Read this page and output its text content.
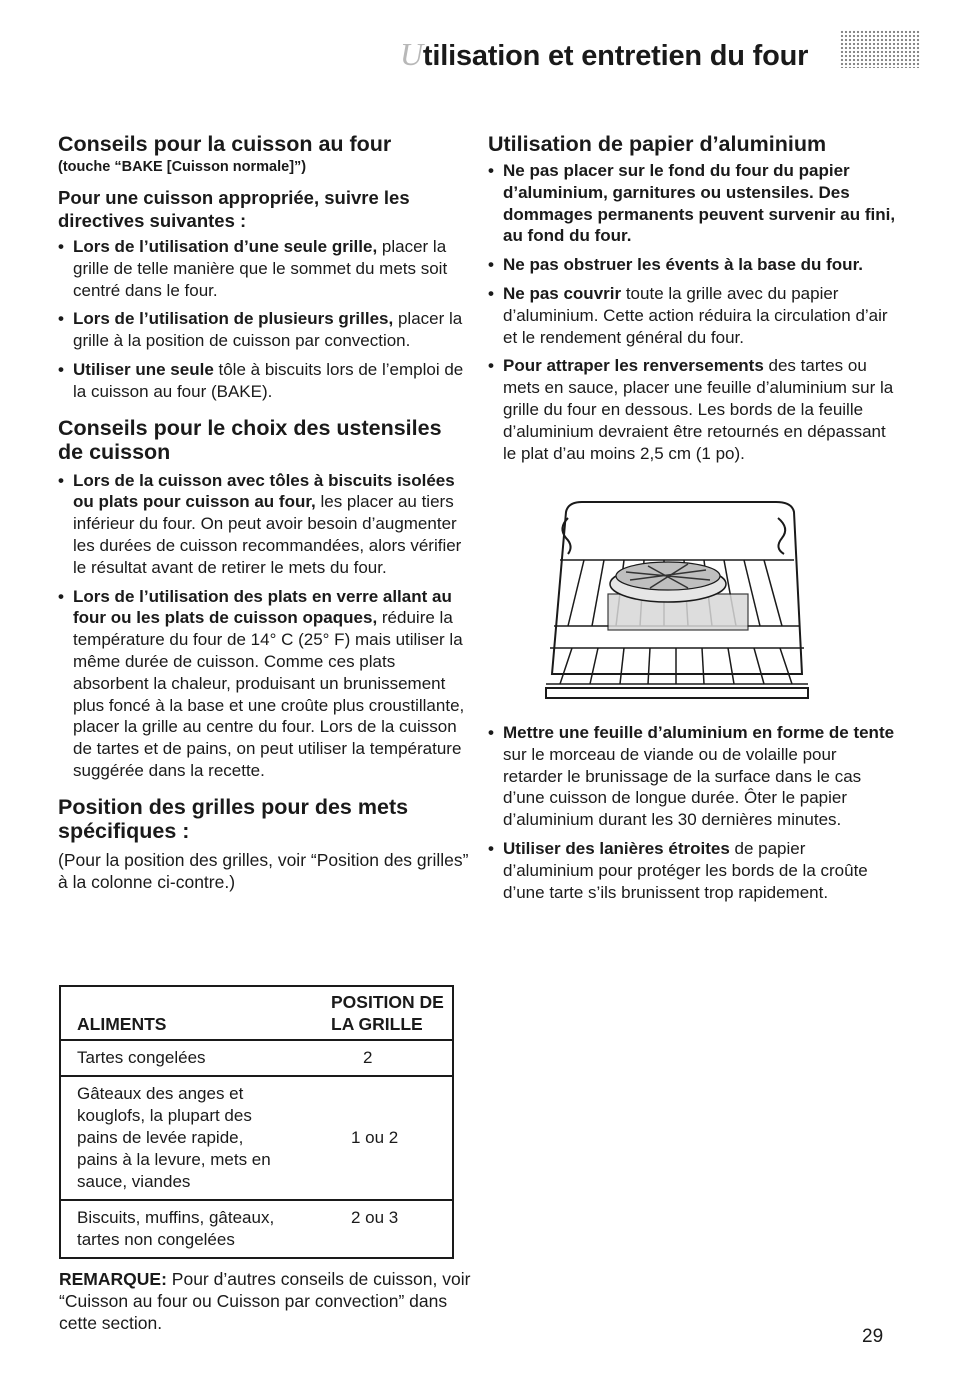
Utilisation et entretien du four
Conseils pour la cuisson au four
(touche “BAKE [Cuisson normale]”)
Pour une cuisson appropriée, suivre les directives suivantes :
• Lors de l’utilisation d’une seule grille, placer la grille de telle manière que le sommet du mets soit centré dans le four.
• Lors de l’utilisation de plusieurs grilles, placer la grille à la position de cuisson par convection.
• Utiliser une seule tôle à biscuits lors de l’emploi de la cuisson au four (BAKE).
Conseils pour le choix des ustensiles de cuisson
• Lors de la cuisson avec tôles à biscuits isolées ou plats pour cuisson au four, les placer au tiers inférieur du four. On peut avoir besoin d’augmenter les durées de cuisson recommandées, alors vérifier le résultat avant de retirer le mets du four.
• Lors de l’utilisation des plats en verre allant au four ou les plats de cuisson opaques, réduire la température du four de 14° C (25° F) mais utiliser la même durée de cuisson. Comme ces plats absorbent la chaleur, produisant un brunissement plus foncé à la base et une croûte plus croustillante, placer la grille au centre du four. Lors de la cuisson de tartes et de pains, on peut utiliser la température suggérée dans la recette.
Position des grilles pour des mets spécifiques :

(Pour la position des grilles, voir “Position des grilles” à la colonne ci-contre.)

ALIMENTS	POSITION DE LA GRILLE
Tartes congelées	2
Gâteaux des anges et
kouglofs, la plupart des
pains de levée rapide,
pains à la levure, mets en
sauce, viandes	1 ou 2
Biscuits, muffins, gâteaux,
tartes non congelées	2 ou 3
REMARQUE: Pour d’autres conseils de cuisson, voir “Cuisson au four ou Cuisson par convection” dans cette section.
Utilisation de papier d’aluminium
• Ne pas placer sur le fond du four du papier d’aluminium, garnitures ou ustensiles. Des dommages permanents peuvent survenir au fini, au fond du four.
• Ne pas obstruer les évents à la base du four.
• Ne pas couvrir toute la grille avec du papier d’aluminium. Cette action réduira la circulation d’air et le rendement général du four.
• Pour attraper les renversements des tartes ou mets en sauce, placer une feuille d’aluminium sur la grille du four en dessous. Les bords de la feuille d’aluminium devraient être retournés en dépassant le plat d’au moins 2,5 cm (1 po).
• Mettre une feuille d’aluminium en forme de tente sur le morceau de viande ou de volaille pour retarder le brunissage de la surface dans le cas d’une cuisson de longue durée. Ôter le papier d’aluminium durant les 30 dernières minutes.
• Utiliser des lanières étroites de papier d’aluminium pour protéger les bords de la croûte d’une tarte s’ils brunissent trop rapidement.
29
